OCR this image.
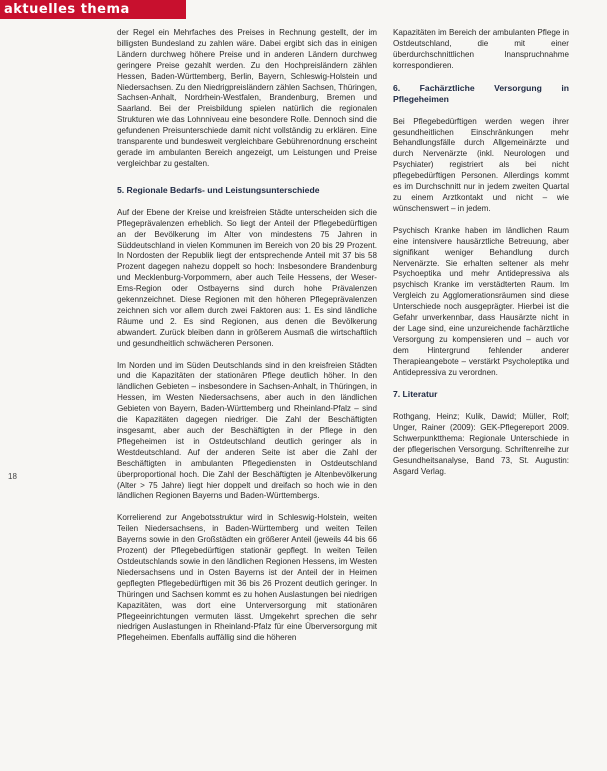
aktuelles thema
18

der Regel ein Mehrfaches des Preises in Rechnung gestellt, der im billigsten Bundesland zu zahlen wäre. Dabei ergibt sich das in einigen Ländern durchweg höhere Preise und in anderen Ländern durchweg geringere Preise gezahlt werden. Zu den Hochpreisländern zählen Hessen, Baden-Württemberg, Berlin, Bayern, Schleswig-Holstein und Niedersachsen. Zu den Niedrigpreisländern zählen Sachsen, Thüringen, Sachsen-Anhalt, Nordrhein-Westfalen, Brandenburg, Bremen und Saarland. Bei der Preisbildung spielen natürlich die regionalen Strukturen wie das Lohnniveau eine besondere Rolle. Dennoch sind die gefundenen Preisunterschiede damit nicht vollständig zu erklären. Eine transparente und bundesweit vergleichbare Gebührenordnung erscheint gerade im ambulanten Bereich angezeigt, um Leistungen und Preise vergleichbar zu gestalten.

5. Regionale Bedarfs- und Leistungsunterschiede

Auf der Ebene der Kreise und kreisfreien Städte unterscheiden sich die Pflegeprävalenzen erheblich. So liegt der Anteil der Pflegebedürftigen an der Bevölkerung im Alter von mindestens 75 Jahren in Süddeutschland in vielen Kommunen im Bereich von 20 bis 29 Prozent. In Nordosten der Republik liegt der entsprechende Anteil mit 37 bis 58 Prozent dagegen nahezu doppelt so hoch: Insbesondere Brandenburg und Mecklenburg-Vorpommern, aber auch Teile Hessens, der Weser-Ems-Region oder Ostbayerns sind durch hohe Prävalenzen gekennzeichnet. Diese Regionen mit den höheren Pflegeprävalenzen zeichnen sich vor allem durch zwei Faktoren aus: 1. Es sind ländliche Räume und 2. Es sind Regionen, aus denen die Bevölkerung abwandert. Zurück bleiben dann in größerem Ausmaß die wirtschaftlich und gesundheitlich schwächeren Personen.

Im Norden und im Süden Deutschlands sind in den kreisfreien Städten und die Kapazitäten der stationären Pflege deutlich höher. In den ländlichen Gebieten – insbesondere in Sachsen-Anhalt, in Thüringen, in Hessen, im Westen Niedersachsens, aber auch in den ländlichen Gebieten von Bayern, Baden-Württemberg und Rheinland-Pfalz – sind die Kapazitäten dagegen niedriger. Die Zahl der Beschäftigten insgesamt, aber auch der Beschäftigten in der Pflege in den Pflegeheimen ist in Ostdeutschland deutlich geringer als in Westdeutschland. Auf der anderen Seite ist aber die Zahl der Beschäftigten in ambulanten Pflegediensten in Ostdeutschland überproportional hoch. Die Zahl der Beschäftigten je Altenbevölkerung (Alter > 75 Jahre) liegt hier doppelt und dreifach so hoch wie in den ländlichen Regionen Bayerns und Baden-Württembergs.

Korrelierend zur Angebotsstruktur wird in Schleswig-Holstein, weiten Teilen Niedersachsens, in Baden-Württemberg und weiten Teilen Bayerns sowie in den Großstädten ein größerer Anteil (jeweils 44 bis 66 Prozent) der Pflegebedürftigen stationär gepflegt. In weiten Teilen Ostdeutschlands sowie in den ländlichen Regionen Hessens, im Westen Niedersachsens und in Osten Bayerns ist der Anteil der in Heimen gepflegten Pflegebedürftigen mit 36 bis 26 Prozent deutlich geringer. In Thüringen und Sachsen kommt es zu hohen Auslastungen bei niedrigen Kapazitäten, was dort eine Unterversorgung mit stationären Pflegeeinrichtungen vermuten lässt. Umgekehrt sprechen die sehr niedrigen Auslastungen in Rheinland-Pfalz für eine Überversorgung mit Pflegeheimen. Ebenfalls auffällig sind die höheren

Kapazitäten im Bereich der ambulanten Pflege in Ostdeutschland, die mit einer überdurchschnittlichen Inanspruchnahme korrespondieren.

6. Fachärztliche Versorgung in Pflegeheimen

Bei Pflegebedürftigen werden wegen ihrer gesundheitlichen Einschränkungen mehr Behandlungsfälle durch Allgemeinärzte und durch Nervenärzte (inkl. Neurologen und Psychiater) registriert als bei nicht pflegebedürftigen Personen. Allerdings kommt es im Durchschnitt nur in jedem zweiten Quartal zu einem Arztkontakt und nicht – wie wünschenswert – in jedem.

Psychisch Kranke haben im ländlichen Raum eine intensivere hausärztliche Betreuung, aber signifikant weniger Behandlung durch Nervenärzte. Sie erhalten seltener als mehr Psychoeptika und mehr Antidepressiva als psychisch Kranke im verstädterten Raum. Im Vergleich zu Agglomerationsräumen sind diese Unterschiede noch ausgeprägter. Hierbei ist die Gefahr unverkennbar, dass Hausärzte nicht in der Lage sind, eine unzureichende fachärztliche Versorgung zu kompensieren und – auch vor dem Hintergrund fehlender anderer Therapieangebote – verstärkt Psycholeptika und Antidepressiva zu verordnen.

7. Literatur

Rothgang, Heinz; Kulik, Dawid; Müller, Rolf; Unger, Rainer (2009): GEK-Pflegereport 2009. Schwerpunktthema: Regionale Unterschiede in der pflegerischen Versorgung. Schriftenreihe zur Gesundheitsanalyse, Band 73, St. Augustin: Asgard Verlag.
